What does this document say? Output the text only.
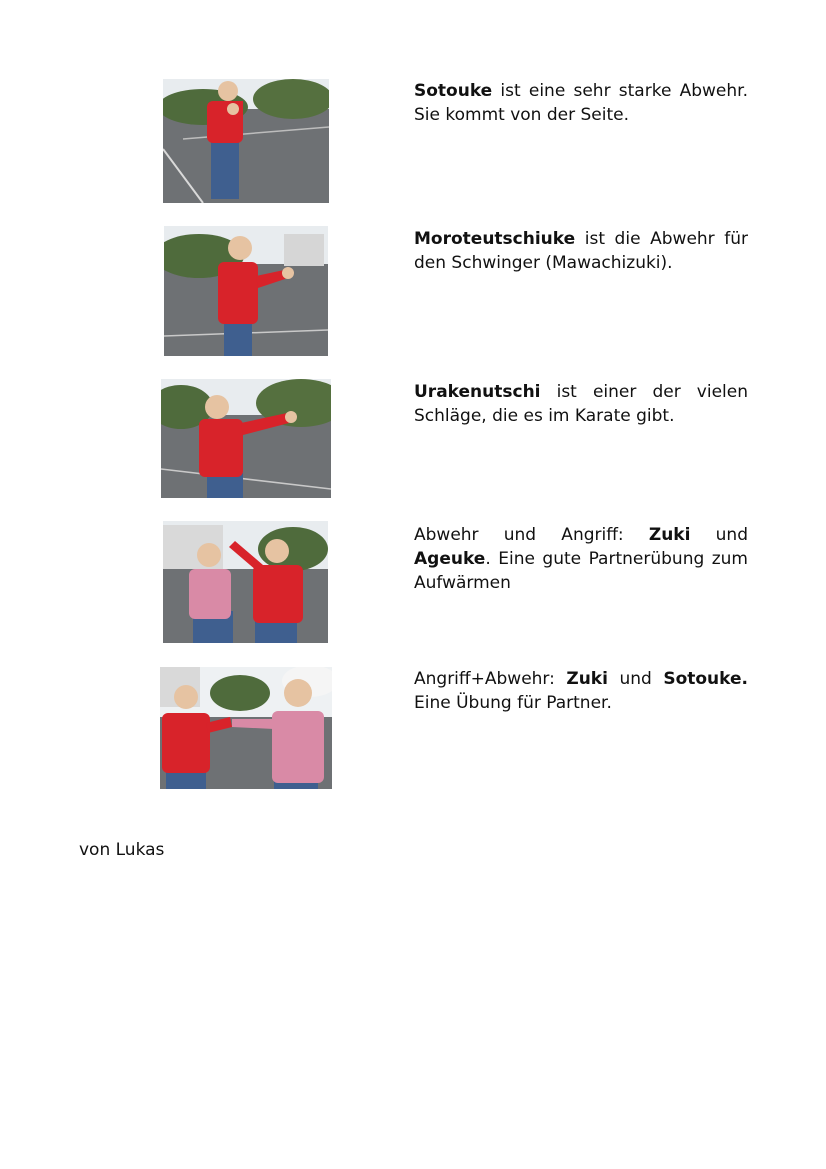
Sotouke ist eine sehr starke Abwehr. Sie kommt von der Seite.
Moroteutschiuke ist die Abwehr für den Schwinger (Mawachizuki).
Urakenutschi ist einer der vielen Schläge, die es im Karate gibt.
Abwehr und Angriff: Zuki und Ageuke. Eine gute Partnerübung zum Aufwärmen
Angriff+Abwehr: Zuki und Sotouke. Eine Übung für Partner.
von Lukas
